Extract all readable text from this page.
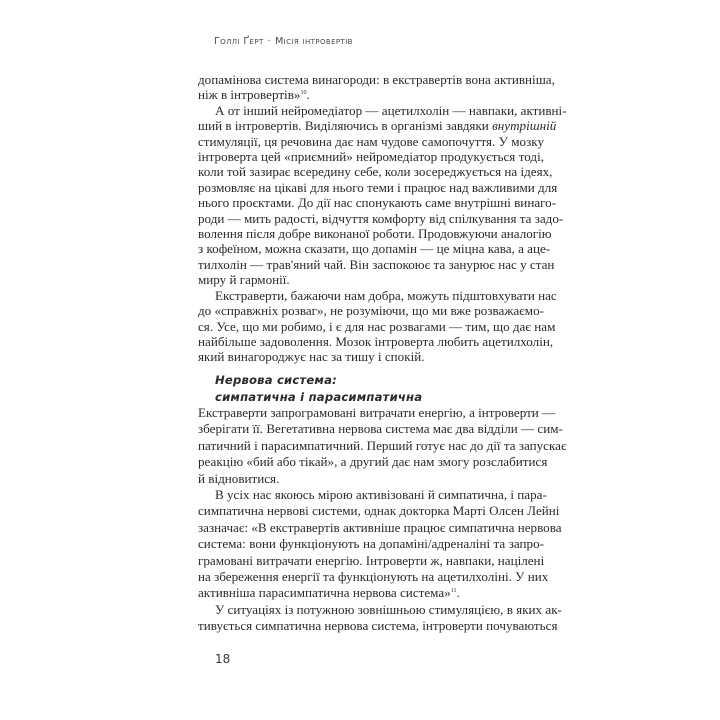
Голлі Ґерт · Місія інтровертів
допамінова система винагороди: в екстравертів вона активніша,
ніж в інтровертів»$^{10}$.
А от інший нейромедіатор — ацетилхолін — навпаки, активні-
ший в інтровертів. Виділяючись в організмі завдяки внутрішній
стимуляції, ця речовина дає нам чудове самопочуття. У мозку
інтроверта цей «приємний» нейромедіатор продукується тоді,
коли той зазирає всередину себе, коли зосереджується на ідеях,
розмовляє на цікаві для нього теми і працює над важливими для
нього проєктами. До дії нас спонукають саме внутрішні винаго-
роди — мить радості, відчуття комфорту від спілкування та задо-
волення після добре виконаної роботи. Продовжуючи аналогію
з кофеїном, можна сказати, що допамін — це міцна кава, а аце-
тилхолін — трав'яний чай. Він заспокоює та занурює нас у стан
миру й гармонії.
Екстраверти, бажаючи нам добра, можуть підштовхувати нас
до «справжніх розваг», не розуміючи, що ми вже розважаємо-
ся. Усе, що ми робимо, і є для нас розвагами — тим, що дає нам
найбільше задоволення. Мозок інтроверта любить ацетилхолін,
який винагороджує нас за тишу і спокій.
Нервова система:
симпатична і парасимпатична
Екстраверти запрограмовані витрачати енергію, а інтроверти —
зберігати її. Вегетативна нервова система має два відділи — сим-
патичний і парасимпатичний. Перший готує нас до дії та запускає
реакцію «бий або тікай», а другий дає нам змогу розслабитися
й відновитися.
В усіх нас якоюсь мірою активізовані й симпатична, і пара-
симпатична нервові системи, однак докторка Марті Олсен Лейні
зазначає: «В екстравертів активніше працює симпатична нервова
система: вони функціонують на допаміні/адреналіні та запро-
грамовані витрачати енергію. Інтроверти ж, навпаки, націлені
на збереження енергії та функціонують на ацетилхоліні. У них
активніша парасимпатична нервова система»$^{11}$.
У ситуаціях із потужною зовнішньою стимуляцією, в яких ак-
тивується симпатична нервова система, інтроверти почуваються
18
